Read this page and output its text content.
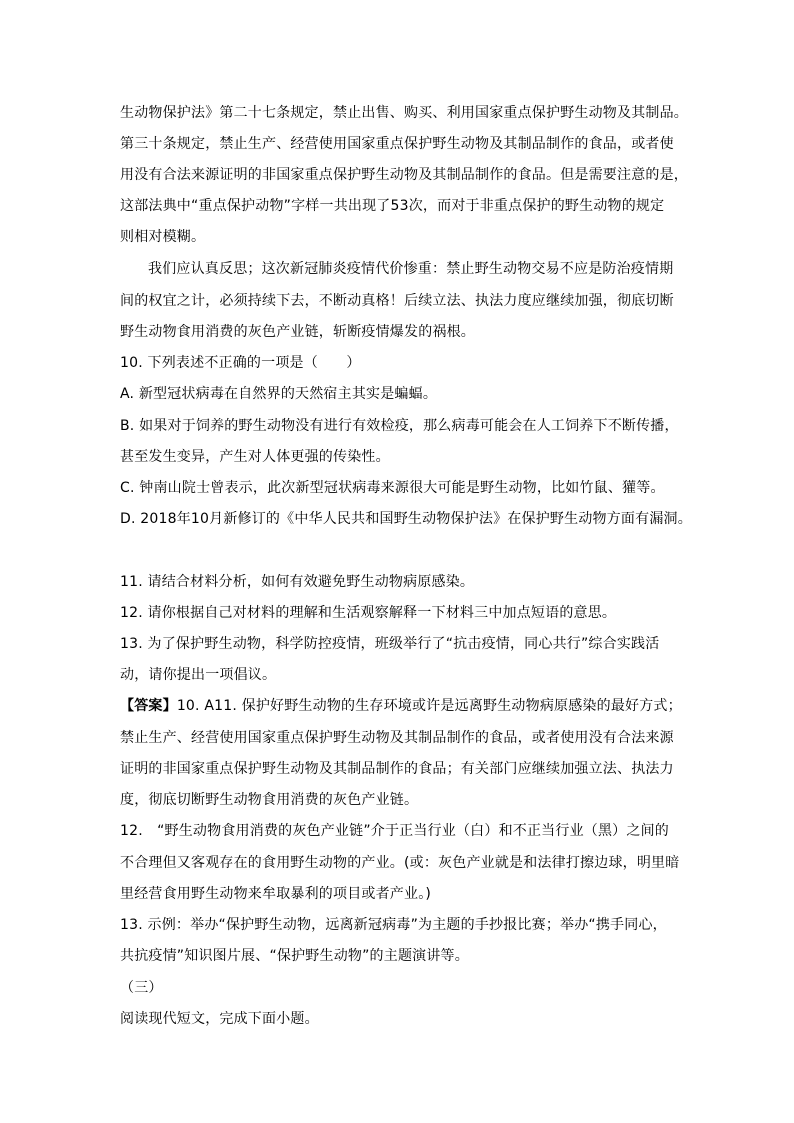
生动物保护法》第二十七条规定，禁止出售、购买、利用国家重点保护野生动物及其制品。
第三十条规定，禁止生产、经营使用国家重点保护野生动物及其制品制作的食品，或者使
用没有合法来源证明的非国家重点保护野生动物及其制品制作的食品。但是需要注意的是，
这部法典中“重点保护动物”字样一共出现了53次，而对于非重点保护的野生动物的规定
则相对模糊。
我们应认真反思；这次新冠肺炎疫情代价惨重：禁止野生动物交易不应是防治疫情期
间的权宜之计，必须持续下去，不断动真格！后续立法、执法力度应继续加强，彻底切断
野生动物食用消费的灰色产业链，斩断疫情爆发的祸根。
10. 下列表述不正确的一项是（　　）
A. 新型冠状病毒在自然界的天然宿主其实是蝙蝠。
B. 如果对于饲养的野生动物没有进行有效检疫，那么病毒可能会在人工饲养下不断传播，
甚至发生变异，产生对人体更强的传染性。
C. 钟南山院士曾表示，此次新型冠状病毒来源很大可能是野生动物，比如竹鼠、獾等。
D. 2018年10月新修订的《中华人民共和国野生动物保护法》在保护野生动物方面有漏洞。
11. 请结合材料分析，如何有效避免野生动物病原感染。
12. 请你根据自己对材料的理解和生活观察解释一下材料三中加点短语的意思。
13. 为了保护野生动物，科学防控疫情，班级举行了“抗击疫情，同心共行”综合实践活
动，请你提出一项倡议。
【答案】10. A11. 保护好野生动物的生存环境或许是远离野生动物病原感染的最好方式；
禁止生产、经营使用国家重点保护野生动物及其制品制作的食品，或者使用没有合法来源
证明的非国家重点保护野生动物及其制品制作的食品；有关部门应继续加强立法、执法力
度，彻底切断野生动物食用消费的灰色产业链。
12.　“野生动物食用消费的灰色产业链”介于正当行业（白）和不正当行业（黑）之间的
不合理但又客观存在的食用野生动物的产业。(或：灰色产业就是和法律打擦边球，明里暗
里经营食用野生动物来牟取暴利的项目或者产业。)
13. 示例：举办“保护野生动物，远离新冠病毒”为主题的手抄报比赛；举办“携手同心，
共抗疫情”知识图片展、“保护野生动物”的主题演讲等。
（三）
阅读现代短文，完成下面小题。
